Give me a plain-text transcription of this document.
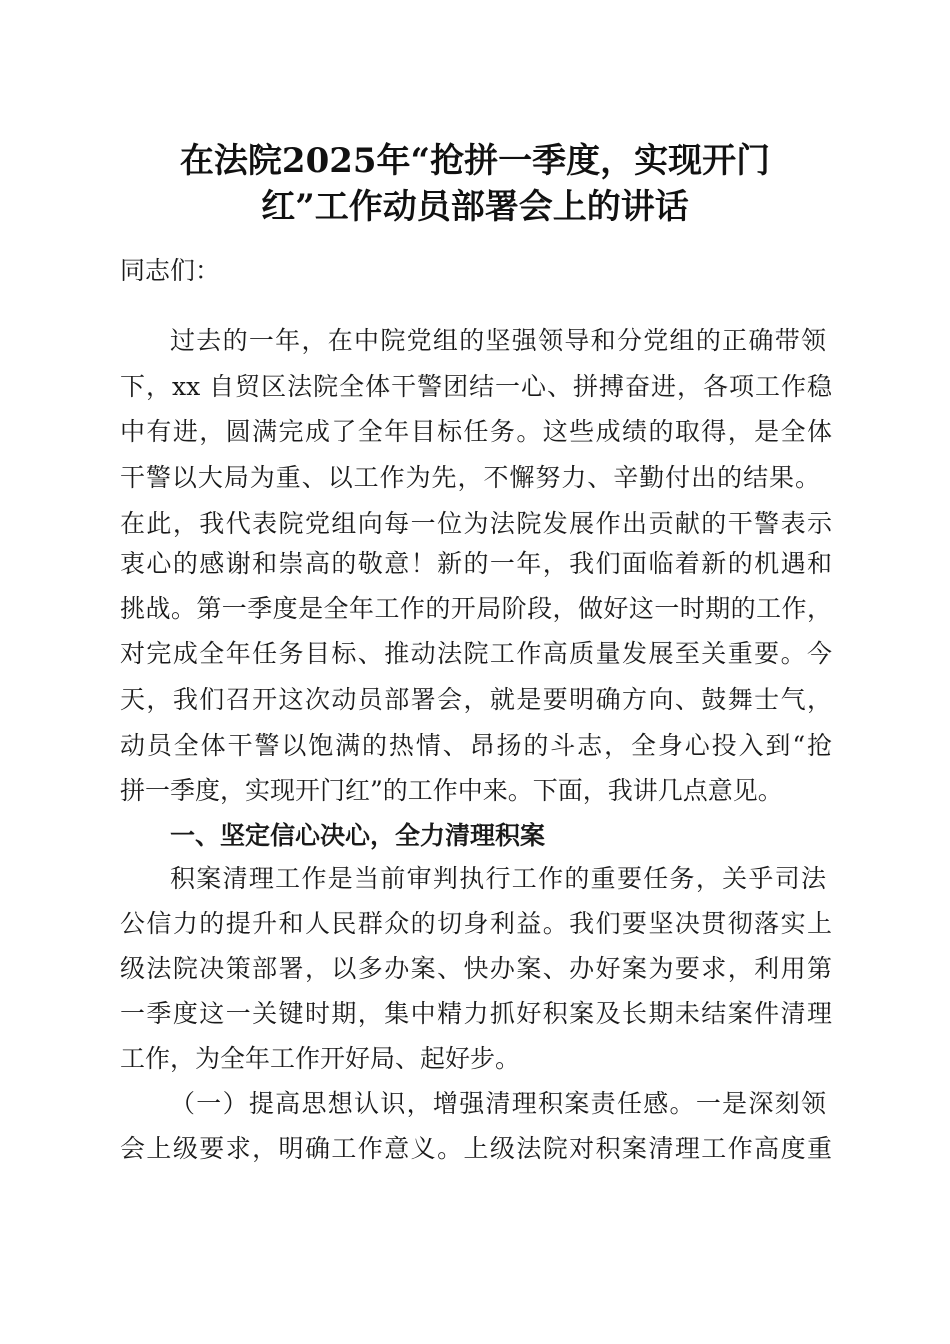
在法院2025年“抢拼一季度，实现开门
红”工作动员部署会上的讲话
同志们：
过去的一年，在中院党组的坚强领导和分党组的正确带领
下，xx 自贸区法院全体干警团结一心、拼搏奋进，各项工作稳
中有进，圆满完成了全年目标任务。这些成绩的取得，是全体
干警以大局为重、以工作为先，不懈努力、辛勤付出的结果。
在此，我代表院党组向每一位为法院发展作出贡献的干警表示
衷心的感谢和崇高的敬意！新的一年，我们面临着新的机遇和
挑战。第一季度是全年工作的开局阶段，做好这一时期的工作，
对完成全年任务目标、推动法院工作高质量发展至关重要。今
天，我们召开这次动员部署会，就是要明确方向、鼓舞士气，
动员全体干警以饱满的热情、昂扬的斗志，全身心投入到“抢
拼一季度，实现开门红”的工作中来。下面，我讲几点意见。
一、坚定信心决心，全力清理积案
积案清理工作是当前审判执行工作的重要任务，关乎司法
公信力的提升和人民群众的切身利益。我们要坚决贯彻落实上
级法院决策部署，以多办案、快办案、办好案为要求，利用第
一季度这一关键时期，集中精力抓好积案及长期未结案件清理
工作，为全年工作开好局、起好步。
（一）提高思想认识，增强清理积案责任感。一是深刻领
会上级要求，明确工作意义。上级法院对积案清理工作高度重
